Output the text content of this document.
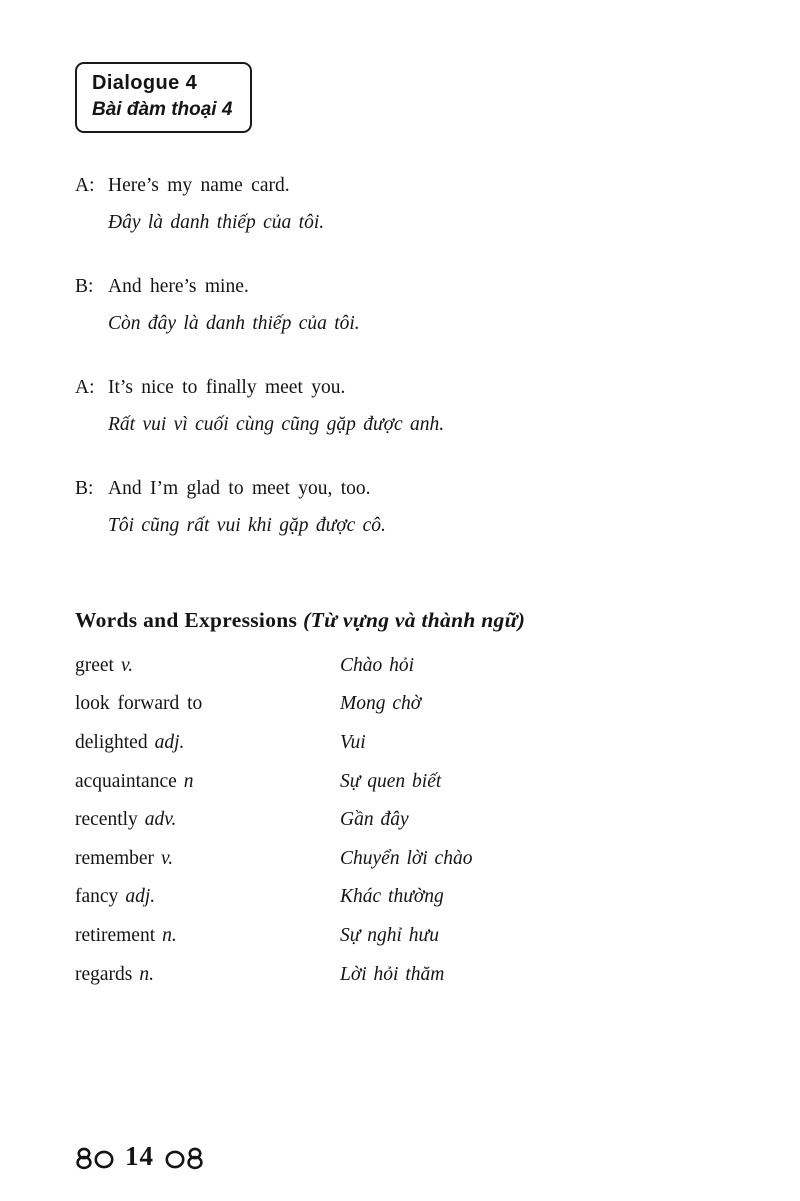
Dialogue 4
Bài đàm thoại 4
A: Here’s my name card.
Đây là danh thiếp của tôi.
B: And here’s mine.
Còn đây là danh thiếp của tôi.
A: It’s nice to finally meet you.
Rất vui vì cuối cùng cũng gặp được anh.
B: And I’m glad to meet you, too.
Tôi cũng rất vui khi gặp được cô.
Words and Expressions (Từ vựng và thành ngữ)
greet v.	Chào hỏi
look forward to	Mong chờ
delighted adj.	Vui
acquaintance n	Sự quen biết
recently adv.	Gần đây
remember v.	Chuyển lời chào
fancy adj.	Khác thường
retirement n.	Sự nghỉ hưu
regards n.	Lời hỏi thăm
14
